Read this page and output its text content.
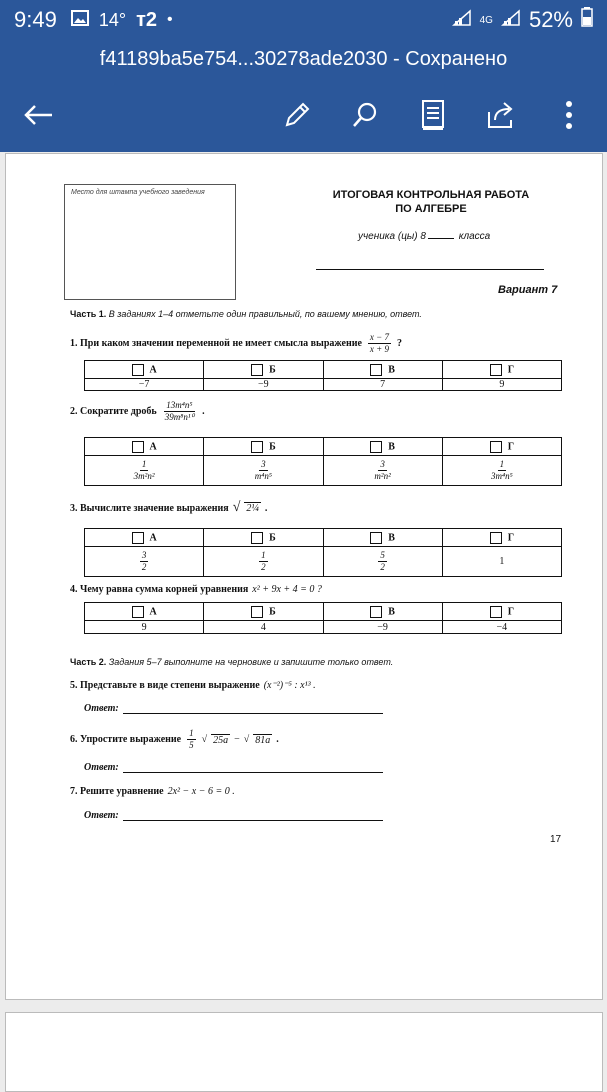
9:49 14° т2 •	4G 52%
f41189ba5e754...30278ade2030 - Сохранено
Место для штампа учебного заведения	ИТОГОВАЯ КОНТРОЛЬНАЯ РАБОТА
ПО АЛГЕБРЕ
ученика (цы) 8	класса
Вариант 7
Часть 1. В заданиях 1–4 отметьте один правильный, по вашему мнению, ответ.
1. При каком значении переменной не имеет смысла выражение $\frac{x - 7}{x + 9}$ ?
А	Б	В	Г
−7	−9	7	9
2. Сократите дробь $\frac{\text{13m⁴n⁵}}{\text{39m⁸n¹⁰}}$ .
А	Б	В	Г

$\frac{1}{\text{3m²n²}}$	$\frac{3}{\text{m⁴n⁵}}$	$\frac{3}{\text{m²n²}}$	$\frac{1}{\text{3m⁴n⁵}}$
3. Вычислите значение выражения √ 2¼ .
А	Б	В	Г

$\frac{3}{2}$	$\frac{1}{2}$	$\frac{5}{2}$	1
4. Чему равна сумма корней уравнения x² + 9x + 4 = 0 ?
А	Б	В	Г
9	4	−9	−4
Часть 2. Задания 5–7 выполните на черновике и запишите только ответ.
5. Представьте в виде степени выражение (x⁻²)⁻⁵ : x¹³ .
Ответ:
6. Упростите выражение $\frac{1}{5}$ √ 25a − √ 81a .
Ответ:
7. Решите уравнение 2x² − x − 6 = 0 .
Ответ:
17
